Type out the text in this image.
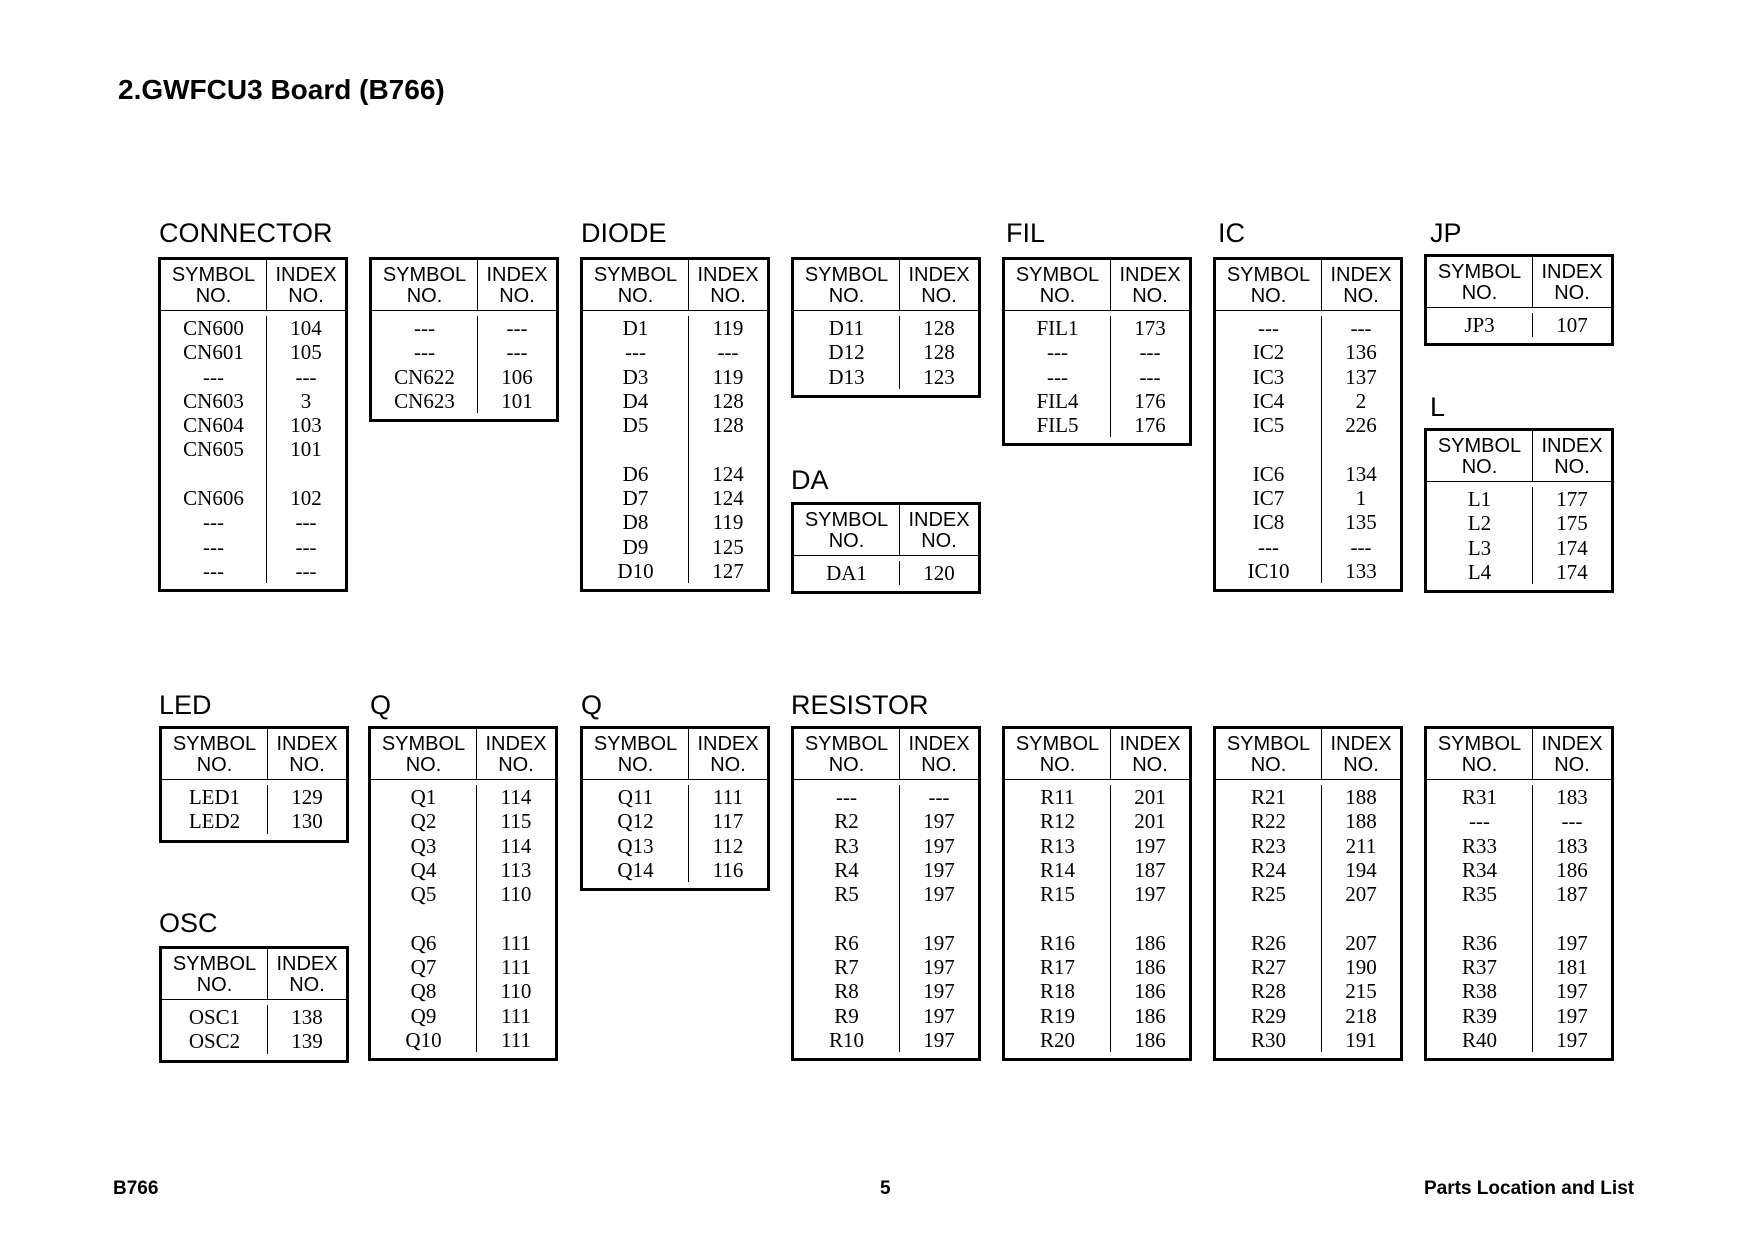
2.GWFCU3 Board (B766)
CONNECTOR	DIODE	FIL	IC	JP
DA
L
LED	Q	Q	RESISTOR
OSC
SYMBOL
NO.
INDEX
NO.
CN600	104
CN601	105
---	---
CN603	3
CN604	103
CN605	101
CN606	102
---	---
---	---
---	---
SYMBOL
NO.
INDEX
NO.
---	---
---	---
CN622	106
CN623	101
SYMBOL
NO.
INDEX
NO.
D1	119
---	---
D3	119
D4	128
D5	128
D6	124
D7	124
D8	119
D9	125
D10	127
SYMBOL
NO.
INDEX
NO.
D11	128
D12	128
D13	123
SYMBOL
NO.
INDEX
NO.
FIL1	173
---	---
---	---
FIL4	176
FIL5	176
SYMBOL
NO.
INDEX
NO.
---	---
IC2	136
IC3	137
IC4	2
IC5	226
IC6	134
IC7	1
IC8	135
---	---
IC10	133
SYMBOL
NO.
INDEX
NO.
JP3	107
SYMBOL
NO.
INDEX
NO.
DA1	120
SYMBOL
NO.
INDEX
NO.
L1	177
L2	175
L3	174
L4	174
SYMBOL
NO.
INDEX
NO.
LED1	129
LED2	130
SYMBOL
NO.
INDEX
NO.
OSC1	138
OSC2	139
SYMBOL
NO.
INDEX
NO.
Q1	114
Q2	115
Q3	114
Q4	113
Q5	110
Q6	111
Q7	111
Q8	110
Q9	111
Q10	111
SYMBOL
NO.
INDEX
NO.
Q11	111
Q12	117
Q13	112
Q14	116
SYMBOL
NO.
INDEX
NO.
---	---
R2	197
R3	197
R4	197
R5	197
R6	197
R7	197
R8	197
R9	197
R10	197
SYMBOL
NO.
INDEX
NO.
R11	201
R12	201
R13	197
R14	187
R15	197
R16	186
R17	186
R18	186
R19	186
R20	186
SYMBOL
NO.
INDEX
NO.
R21	188
R22	188
R23	211
R24	194
R25	207
R26	207
R27	190
R28	215
R29	218
R30	191
SYMBOL
NO.
INDEX
NO.
R31	183
---	---
R33	183
R34	186
R35	187
R36	197
R37	181
R38	197
R39	197
R40	197
B766	5	Parts Location and List
